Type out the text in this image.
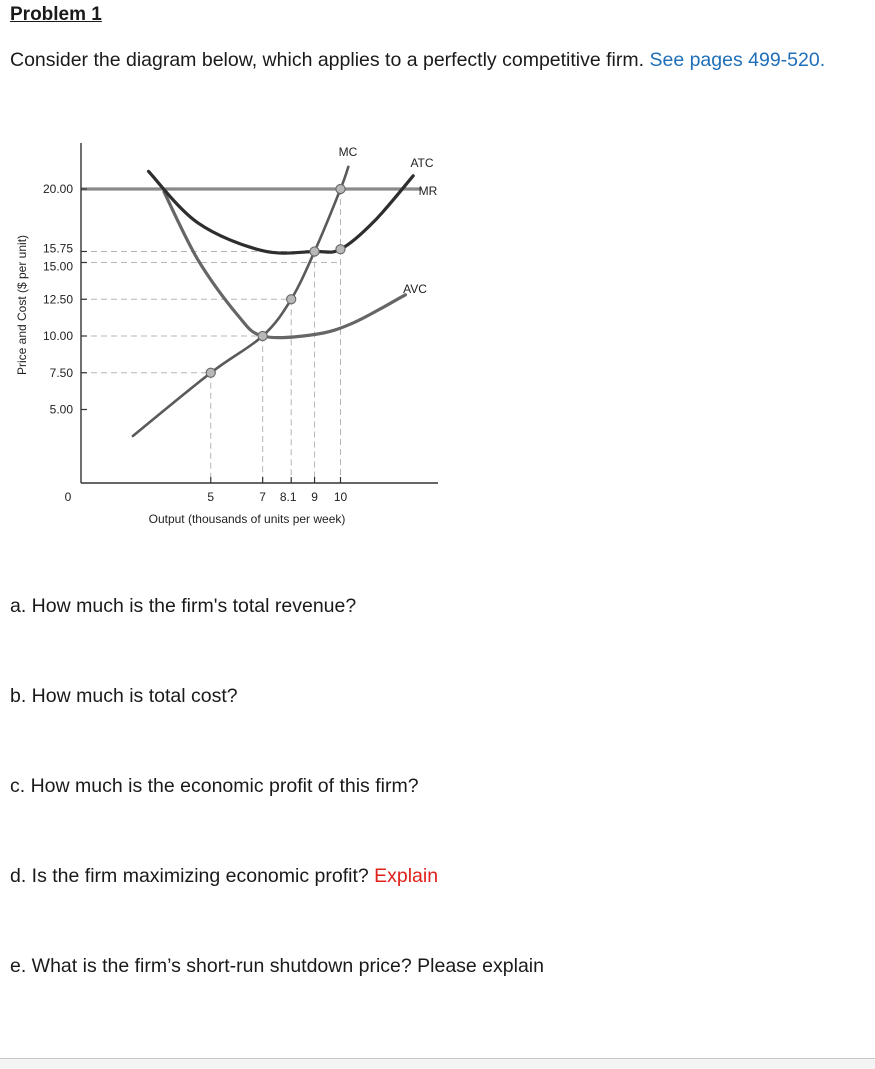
Problem 1

Consider the diagram below, which applies to a perfectly competitive firm. See pages 499-520.

20.00
15.75
15.00
12.50
10.00
7.50
5.00
5	7 8.1 9 10
0
MC
ATC
MR
AVC
Output (thousands of units per week)
Price and Cost ($ per unit)

a. How much is the firm's total revenue?

b. How much is total cost?

c. How much is the economic profit of this firm?

d. Is the firm maximizing economic profit? Explain

e. What is the firm’s short-run shutdown price? Please explain
